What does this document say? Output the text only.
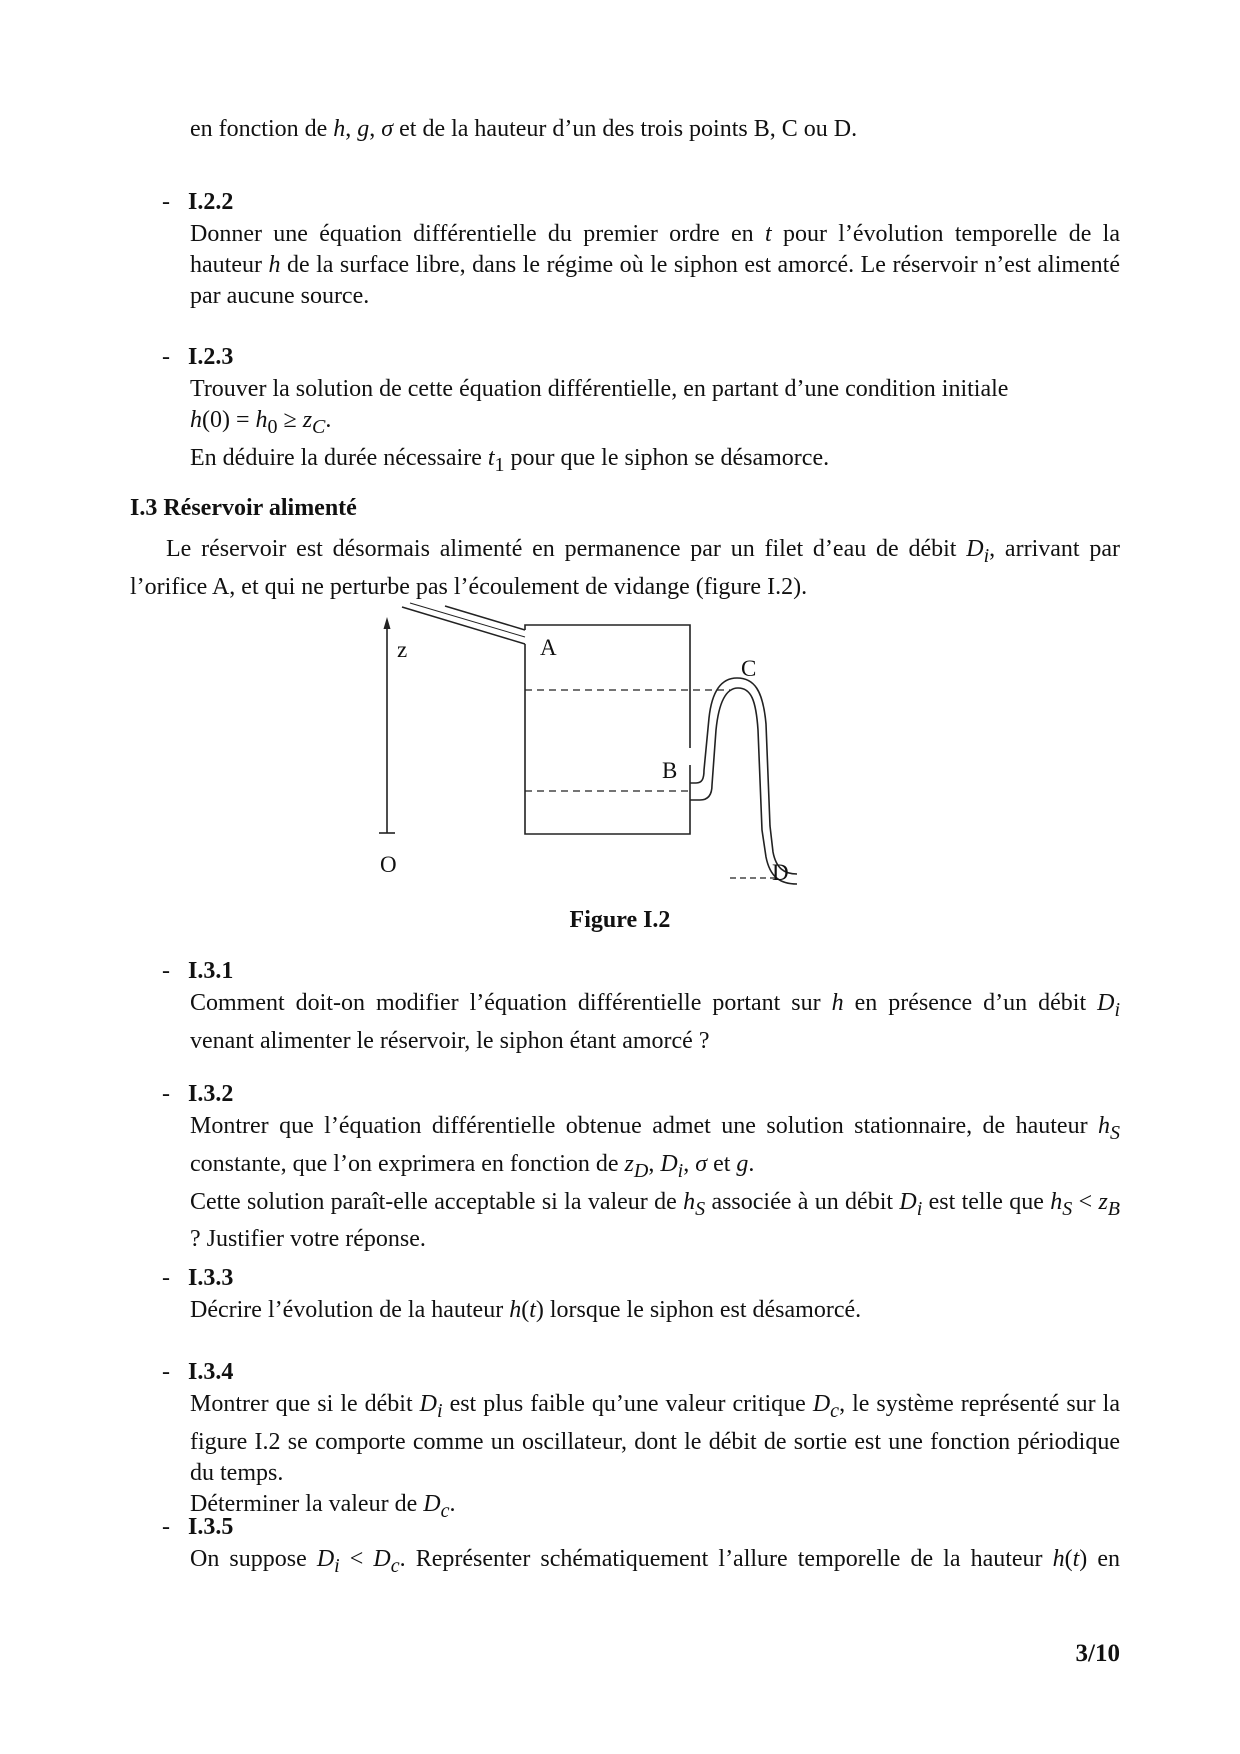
en fonction de h, g, σ et de la hauteur d’un des trois points B, C ou D.
- I.2.2
Donner une équation différentielle du premier ordre en t pour l’évolution temporelle de la hauteur h de la surface libre, dans le régime où le siphon est amorcé. Le réservoir n’est alimenté par aucune source.
- I.2.3
Trouver la solution de cette équation différentielle, en partant d’une condition initiale
$h(0) = h_0 \ge z_C$.
En déduire la durée nécessaire $t_1$ pour que le siphon se désamorce.
I.3 Réservoir alimenté
Le réservoir est désormais alimenté en permanence par un filet d’eau de débit $D_i$, arrivant par l’orifice A, et qui ne perturbe pas l’écoulement de vidange (figure I.2).
z
O
A
B
D
C
Figure I.2
- I.3.1
Comment doit-on modifier l’équation différentielle portant sur h en présence d’un débit $D_i$ venant alimenter le réservoir, le siphon étant amorcé ?
- I.3.2
Montrer que l’équation différentielle obtenue admet une solution stationnaire, de hauteur $h_S$ constante, que l’on exprimera en fonction de $z_D$, $D_i$, σ et g.
Cette solution paraît-elle acceptable si la valeur de $h_S$ associée à un débit $D_i$ est telle que $h_S < z_B$ ? Justifier votre réponse.
- I.3.3
Décrire l’évolution de la hauteur h(t) lorsque le siphon est désamorcé.
- I.3.4
Montrer que si le débit $D_i$ est plus faible qu’une valeur critique $D_c$, le système représenté sur la figure I.2 se comporte comme un oscillateur, dont le débit de sortie est une fonction périodique du temps.
Déterminer la valeur de $D_c$.
- I.3.5
On suppose $D_i < D_c$. Représenter schématiquement l’allure temporelle de la hauteur h(t) en
3/10
